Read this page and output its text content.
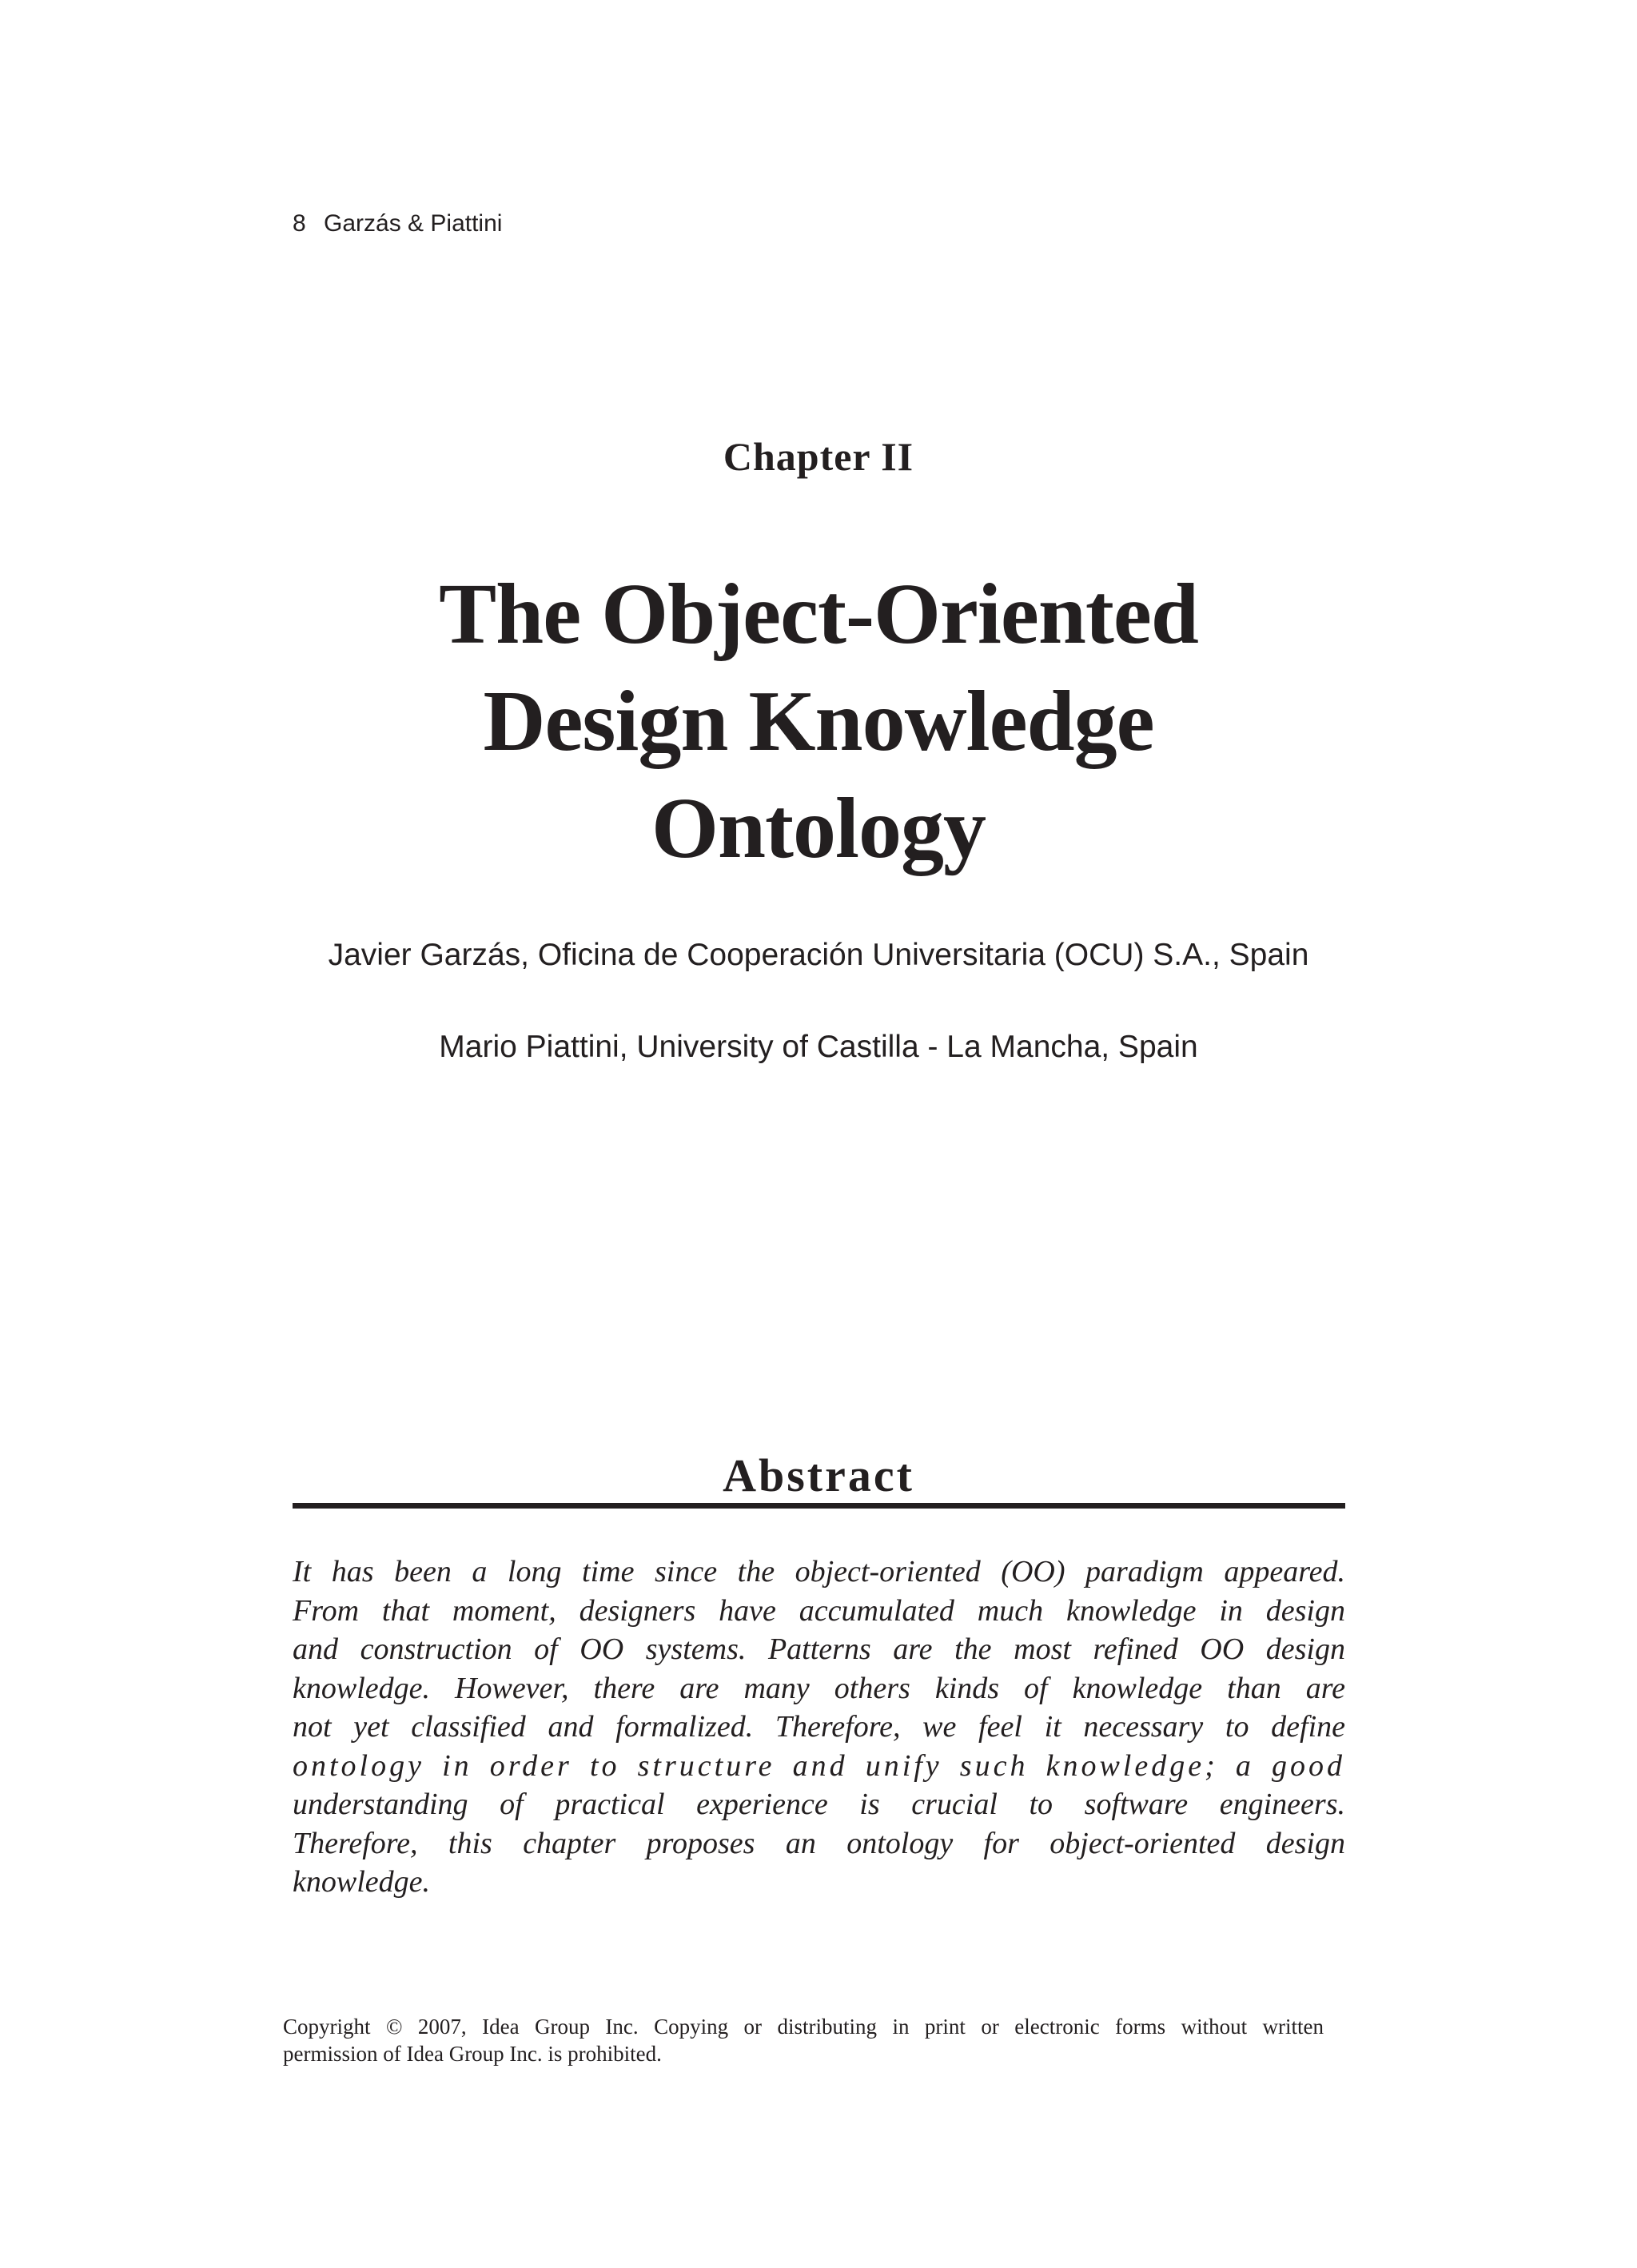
8 Garzás & Piattini
Chapter II
The Object-Oriented
Design Knowledge
Ontology
Javier Garzás, Oficina de Cooperación Universitaria (OCU) S.A., Spain
Mario Piattini, University of Castilla - La Mancha, Spain
Abstract
It has been a long time since the object-oriented (OO) paradigm appeared.
From that moment, designers have accumulated much knowledge in design
and construction of OO systems. Patterns are the most refined OO design
knowledge. However, there are many others kinds of knowledge than are
not yet classified and formalized. Therefore, we feel it necessary to define
ontology in order to structure and unify such knowledge; a good
understanding of practical experience is crucial to software engineers.
Therefore, this chapter proposes an ontology for object-oriented design
knowledge.
Copyright © 2007, Idea Group Inc. Copying or distributing in print or electronic forms without written
permission of Idea Group Inc. is prohibited.
